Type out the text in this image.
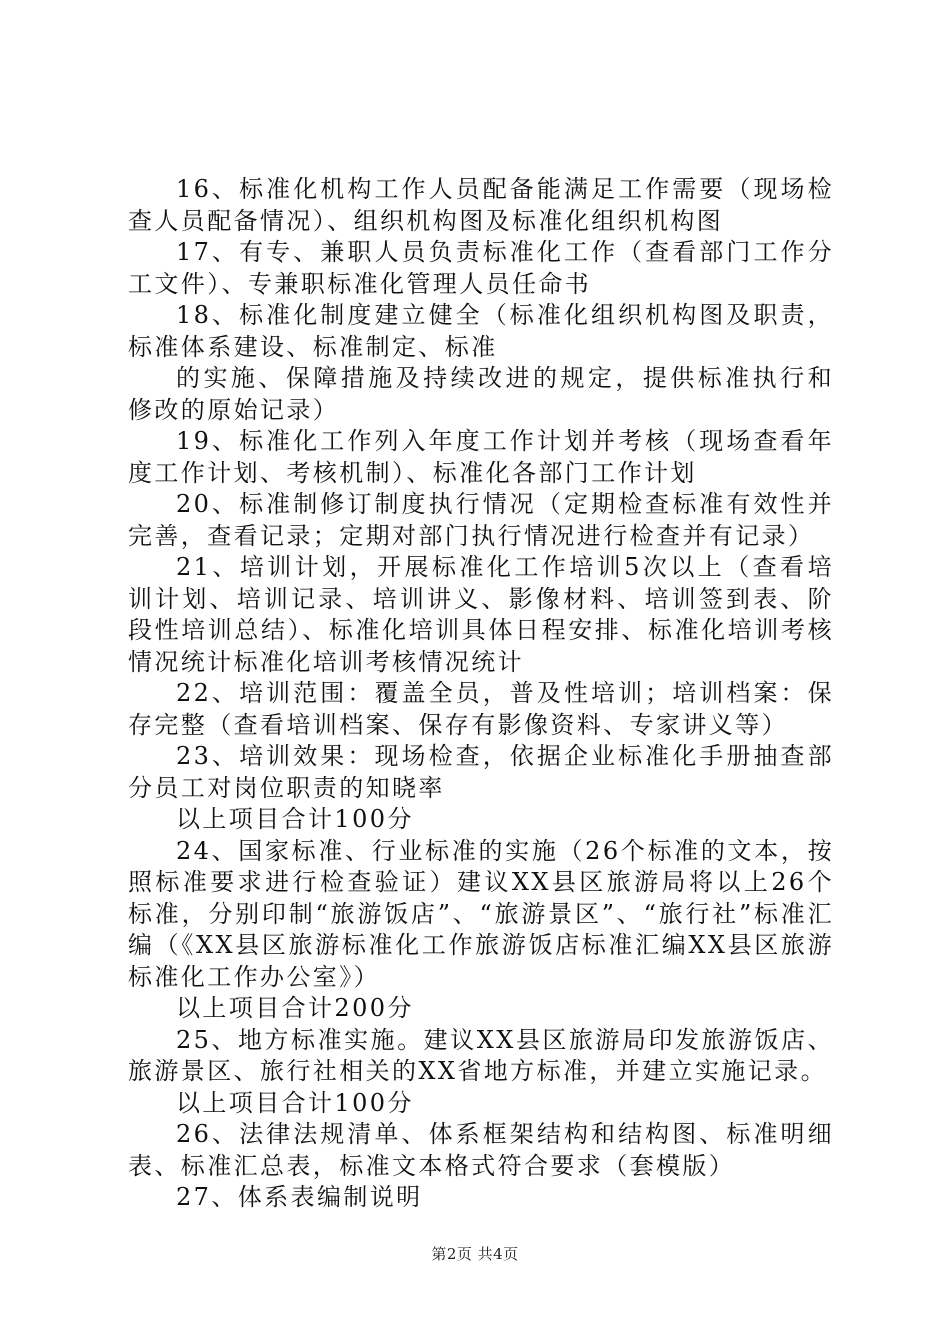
16、标准化机构工作人员配备能满足工作需要（现场检查人员配备情况）、组织机构图及标准化组织机构图

17、有专、兼职人员负责标准化工作（查看部门工作分工文件）、专兼职标准化管理人员任命书

18、标准化制度建立健全（标准化组织机构图及职责，标准体系建设、标准制定、标准

的实施、保障措施及持续改进的规定，提供标准执行和修改的原始记录）

19、标准化工作列入年度工作计划并考核（现场查看年度工作计划、考核机制）、标准化各部门工作计划

20、标准制修订制度执行情况（定期检查标准有效性并完善，查看记录；定期对部门执行情况进行检查并有记录）

21、培训计划，开展标准化工作培训5次以上（查看培训计划、培训记录、培训讲义、影像材料、培训签到表、阶段性培训总结）、标准化培训具体日程安排、标准化培训考核情况统计标准化培训考核情况统计

22、培训范围：覆盖全员，普及性培训；培训档案：保存完整（查看培训档案、保存有影像资料、专家讲义等）

23、培训效果：现场检查，依据企业标准化手册抽查部分员工对岗位职责的知晓率

以上项目合计100分

24、国家标准、行业标准的实施（26个标准的文本，按照标准要求进行检查验证）建议XX县区旅游局将以上26个标准，分别印制“旅游饭店”、“旅游景区”、“旅行社”标准汇编（《XX县区旅游标准化工作旅游饭店标准汇编XX县区旅游标准化工作办公室》）

以上项目合计200分

25、地方标准实施。建议XX县区旅游局印发旅游饭店、旅游景区、旅行社相关的XX省地方标准，并建立实施记录。

以上项目合计100分

26、法律法规清单、体系框架结构和结构图、标准明细表、标准汇总表，标准文本格式符合要求（套模版）

27、体系表编制说明

第2页 共4页
